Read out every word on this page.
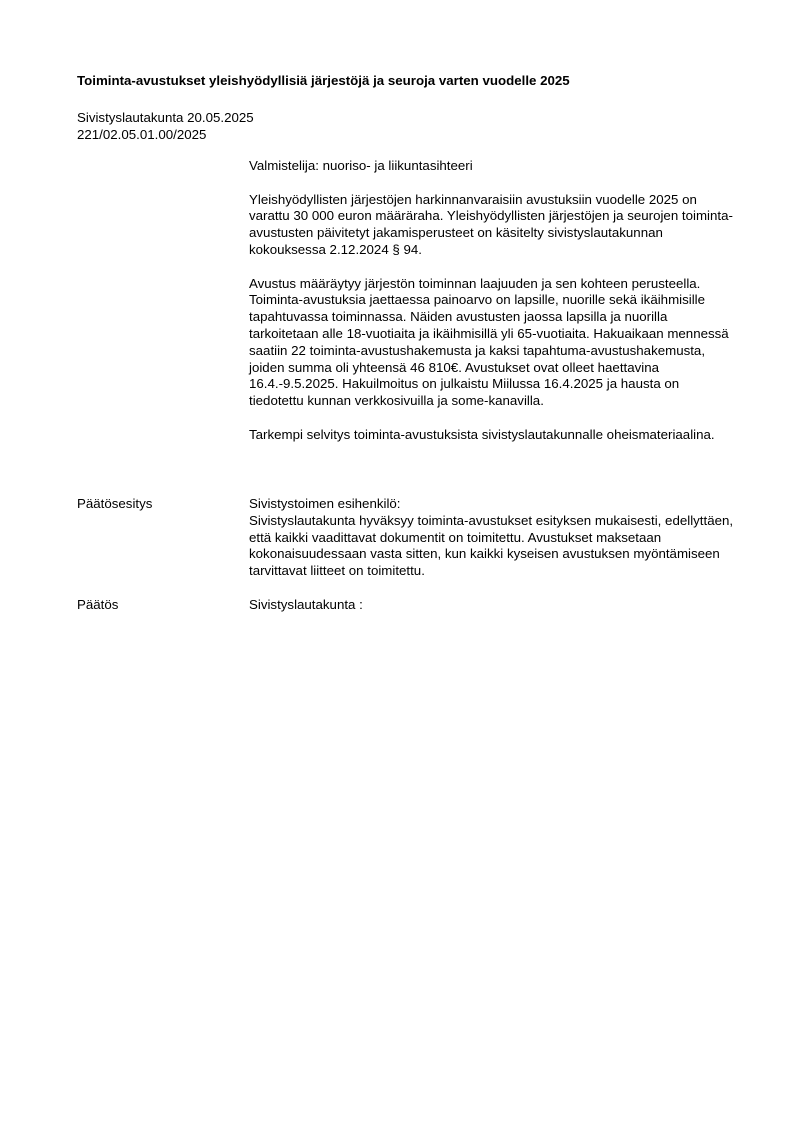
Toiminta-avustukset yleishyödyllisiä järjestöjä ja seuroja varten vuodelle 2025
Sivistyslautakunta 20.05.2025
221/02.05.01.00/2025

Valmistelija: nuoriso- ja liikuntasihteeri

Yleishyödyllisten järjestöjen harkinnanvaraisiin avustuksiin vuodelle 2025 on varattu 30 000 euron määräraha. Yleishyödyllisten järjestöjen ja seurojen toiminta-avustusten päivitetyt jakamisperusteet on käsitelty sivistyslautakunnan kokouksessa 2.12.2024 § 94.

Avustus määräytyy järjestön toiminnan laajuuden ja sen kohteen perusteella. Toiminta-avustuksia jaettaessa painoarvo on lapsille, nuorille sekä ikäihmisille tapahtuvassa toiminnassa. Näiden avustusten jaossa lapsilla ja nuorilla tarkoitetaan alle 18-vuotiaita ja ikäihmisillä yli 65-vuotiaita. Hakuaikaan mennessä saatiin 22 toiminta-avustushakemusta ja kaksi tapahtuma-avustushakemusta, joiden summa oli yhteensä 46 810€. Avustukset ovat olleet haettavina 16.4.-9.5.2025. Hakuilmoitus on julkaistu Miilussa 16.4.2025 ja hausta on tiedotettu kunnan verkkosivuilla ja some-kanavilla.

Tarkempi selvitys toiminta-avustuksista sivistyslautakunnalle oheismateriaalina.

Päätösesitys	Sivistystoimen esihenkilö:
Sivistyslautakunta hyväksyy toiminta-avustukset esityksen mukaisesti, edellyttäen, että kaikki vaadittavat dokumentit on toimitettu. Avustukset maksetaan kokonaisuudessaan vasta sitten, kun kaikki kyseisen avustuksen myöntämiseen tarvittavat liitteet on toimitettu.
Päätös	Sivistyslautakunta :
